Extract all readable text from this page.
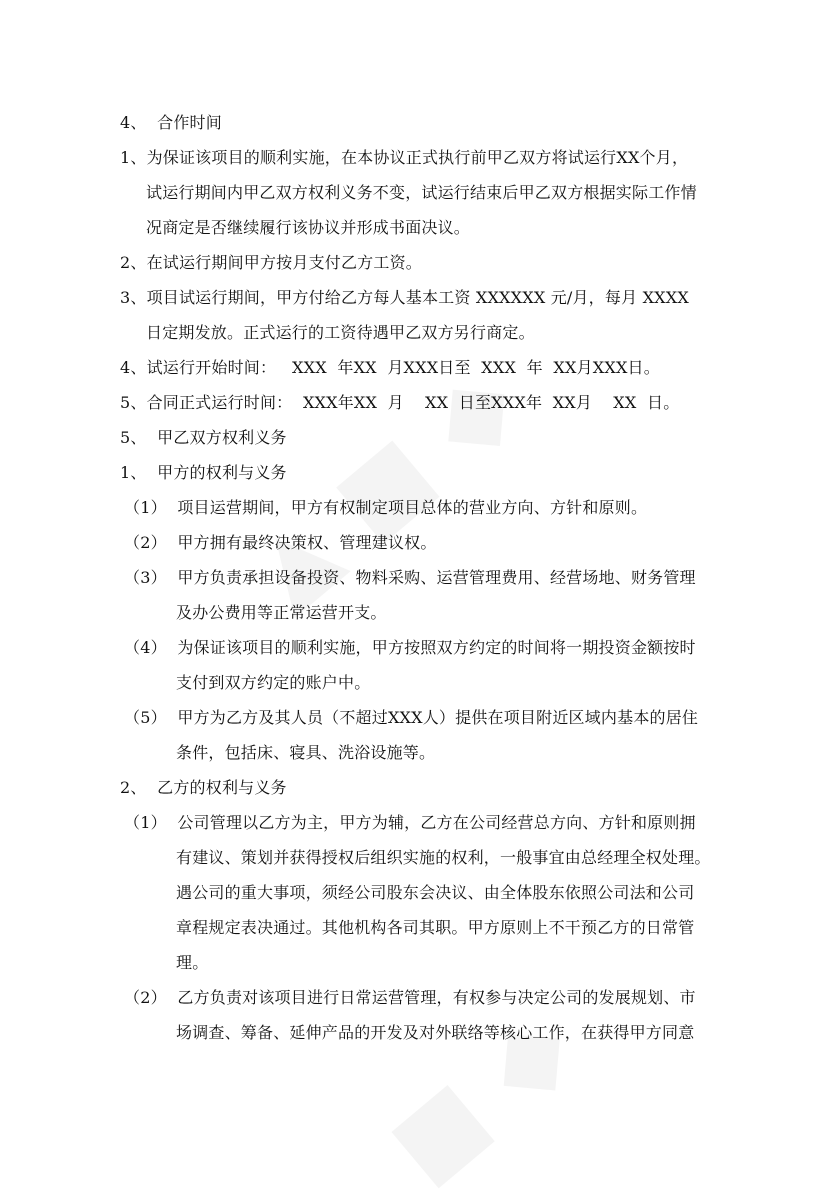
4、  合作时间
1、为保证该项目的顺利实施，在本协议正式执行前甲乙双方将试运行XX个月，
试运行期间内甲乙双方权利义务不变，试运行结束后甲乙双方根据实际工作情
况商定是否继续履行该协议并形成书面决议。
2、在试运行期间甲方按月支付乙方工资。
3、项目试运行期间，甲方付给乙方每人基本工资 XXXXXX 元/月，每月 XXXX
日定期发放。正式运行的工资待遇甲乙双方另行商定。
4、试运行开始时间：   XXX  年XX  月XXX日至  XXX  年  XX月XXX日。
5、合同正式运行时间：  XXX年XX  月    XX  日至XXX年  XX月    XX  日。
5、  甲乙双方权利义务
1、  甲方的权利与义务
（1）  项目运营期间，甲方有权制定项目总体的营业方向、方针和原则。
（2）  甲方拥有最终决策权、管理建议权。
（3）  甲方负责承担设备投资、物料采购、运营管理费用、经营场地、财务管理
及办公费用等正常运营开支。
（4）  为保证该项目的顺利实施，甲方按照双方约定的时间将一期投资金额按时
支付到双方约定的账户中。
（5）  甲方为乙方及其人员（不超过XXX人）提供在项目附近区域内基本的居住
条件，包括床、寝具、洗浴设施等。
2、  乙方的权利与义务
（1）  公司管理以乙方为主，甲方为辅，乙方在公司经营总方向、方针和原则拥
有建议、策划并获得授权后组织实施的权利，一般事宜由总经理全权处理。
遇公司的重大事项，须经公司股东会决议、由全体股东依照公司法和公司
章程规定表决通过。其他机构各司其职。甲方原则上不干预乙方的日常管
理。
（2）  乙方负责对该项目进行日常运营管理，有权参与决定公司的发展规划、市
场调查、筹备、延伸产品的开发及对外联络等核心工作，在获得甲方同意
